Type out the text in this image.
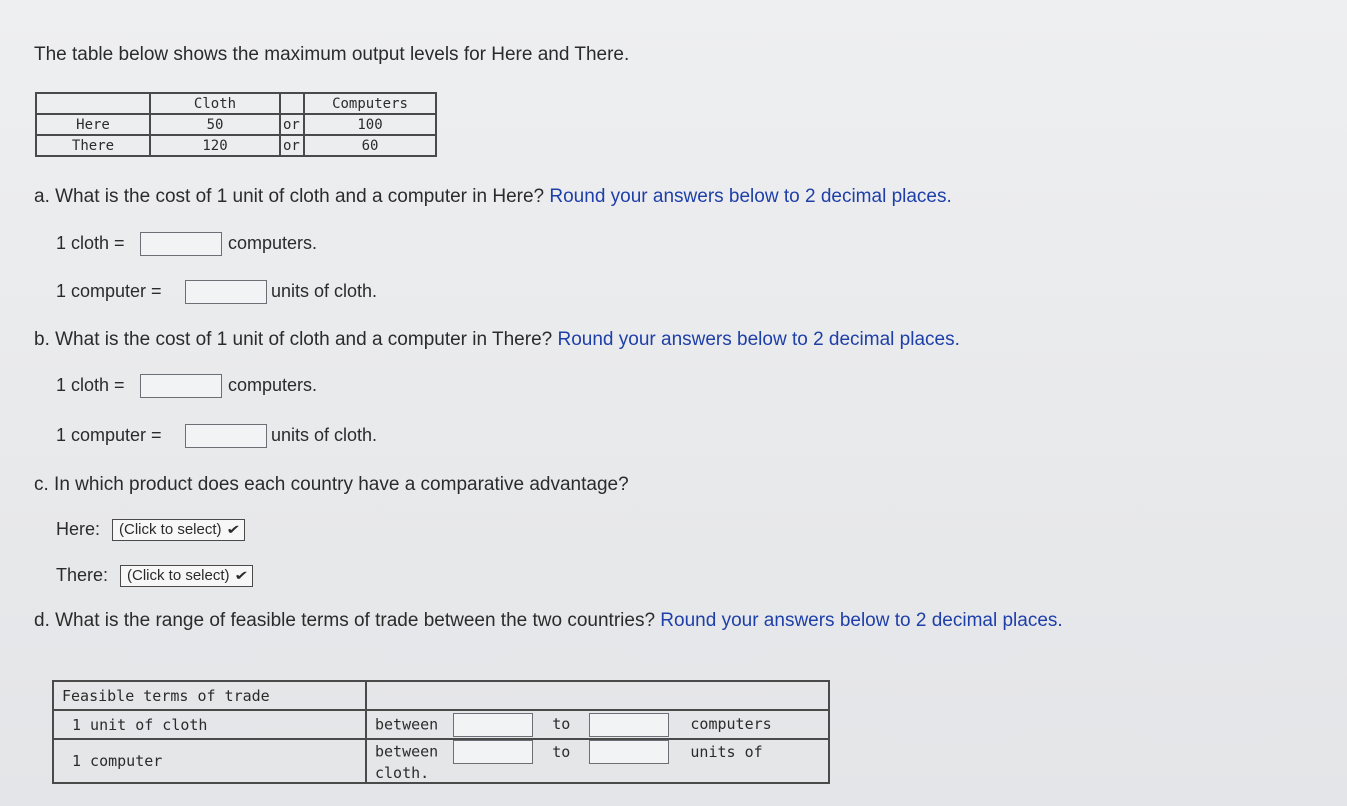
The table below shows the maximum output levels for Here and There.
	Cloth		Computers
Here	50	or	100
There	120	or	60
a. What is the cost of 1 unit of cloth and a computer in Here? Round your answers below to 2 decimal places.
1 cloth =	computers.
1 computer =	units of cloth.
b. What is the cost of 1 unit of cloth and a computer in There? Round your answers below to 2 decimal places.
1 cloth =	computers.
1 computer =	units of cloth.
c. In which product does each country have a comparative advantage?
Here:	(Click to select) ✔
There:	(Click to select) ✔
d. What is the range of feasible terms of trade between the two countries? Round your answers below to 2 decimal places.
Feasible terms of trade	
1 unit of cloth	between to computers
1 computer	between to units of cloth.
